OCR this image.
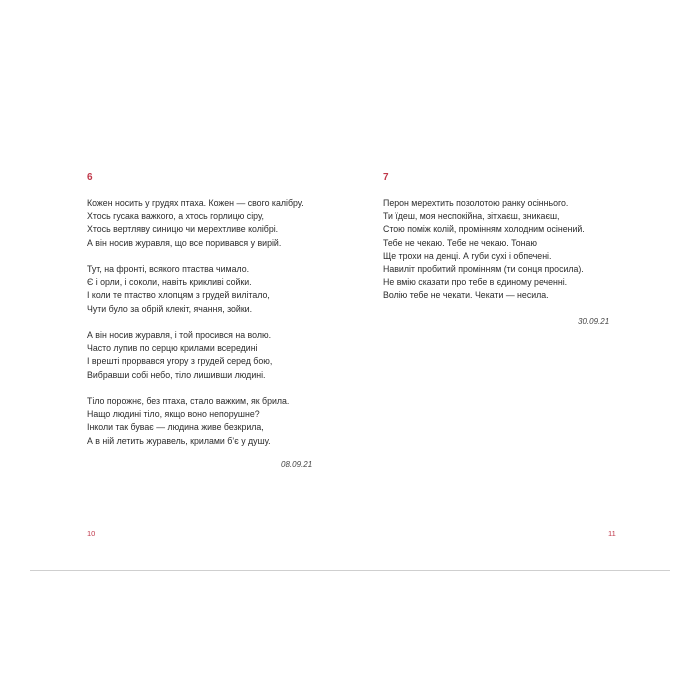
6
Кожен носить у грудях птаха. Кожен — свого калібру.
Хтось гусака важкого, а хтось горлицю сіру,
Хтось вертляву синицю чи мерехтливе колібрі.
А він носив журавля, що все поривався у вирій.
Тут, на фронті, всякого птаства чимало.
Є і орли, і соколи, навіть крикливі сойки.
І коли те птаство хлопцям з грудей вилітало,
Чути було за обрій клекіт, ячання, зойки.
А він носив журавля, і той просився на волю.
Часто лупив по серцю крилами всередині
І врешті прорвався угору з грудей серед бою,
Вибравши собі небо, тіло лишивши людині.
Тіло порожнє, без птаха, стало важким, як брила.
Нащо людині тіло, якщо воно непорушне?
Інколи так буває — людина живе безкрила,
А в ній летить журавель, крилами б’є у душу.
08.09.21
10
7
Перон мерехтить позолотою ранку осіннього.
Ти їдеш, моя неспокійна, зітхаєш, зникаєш,
Стою поміж колій, промінням холодним осінений.
Тебе не чекаю. Тебе не чекаю. Тонаю
Ще трохи на денці. А губи сухі і обпечені.
Навиліт пробитий промінням (ти сонця просила).
Не вмію сказати про тебе в єдиному реченні.
Волію тебе не чекати. Чекати — несила.
30.09.21
11
